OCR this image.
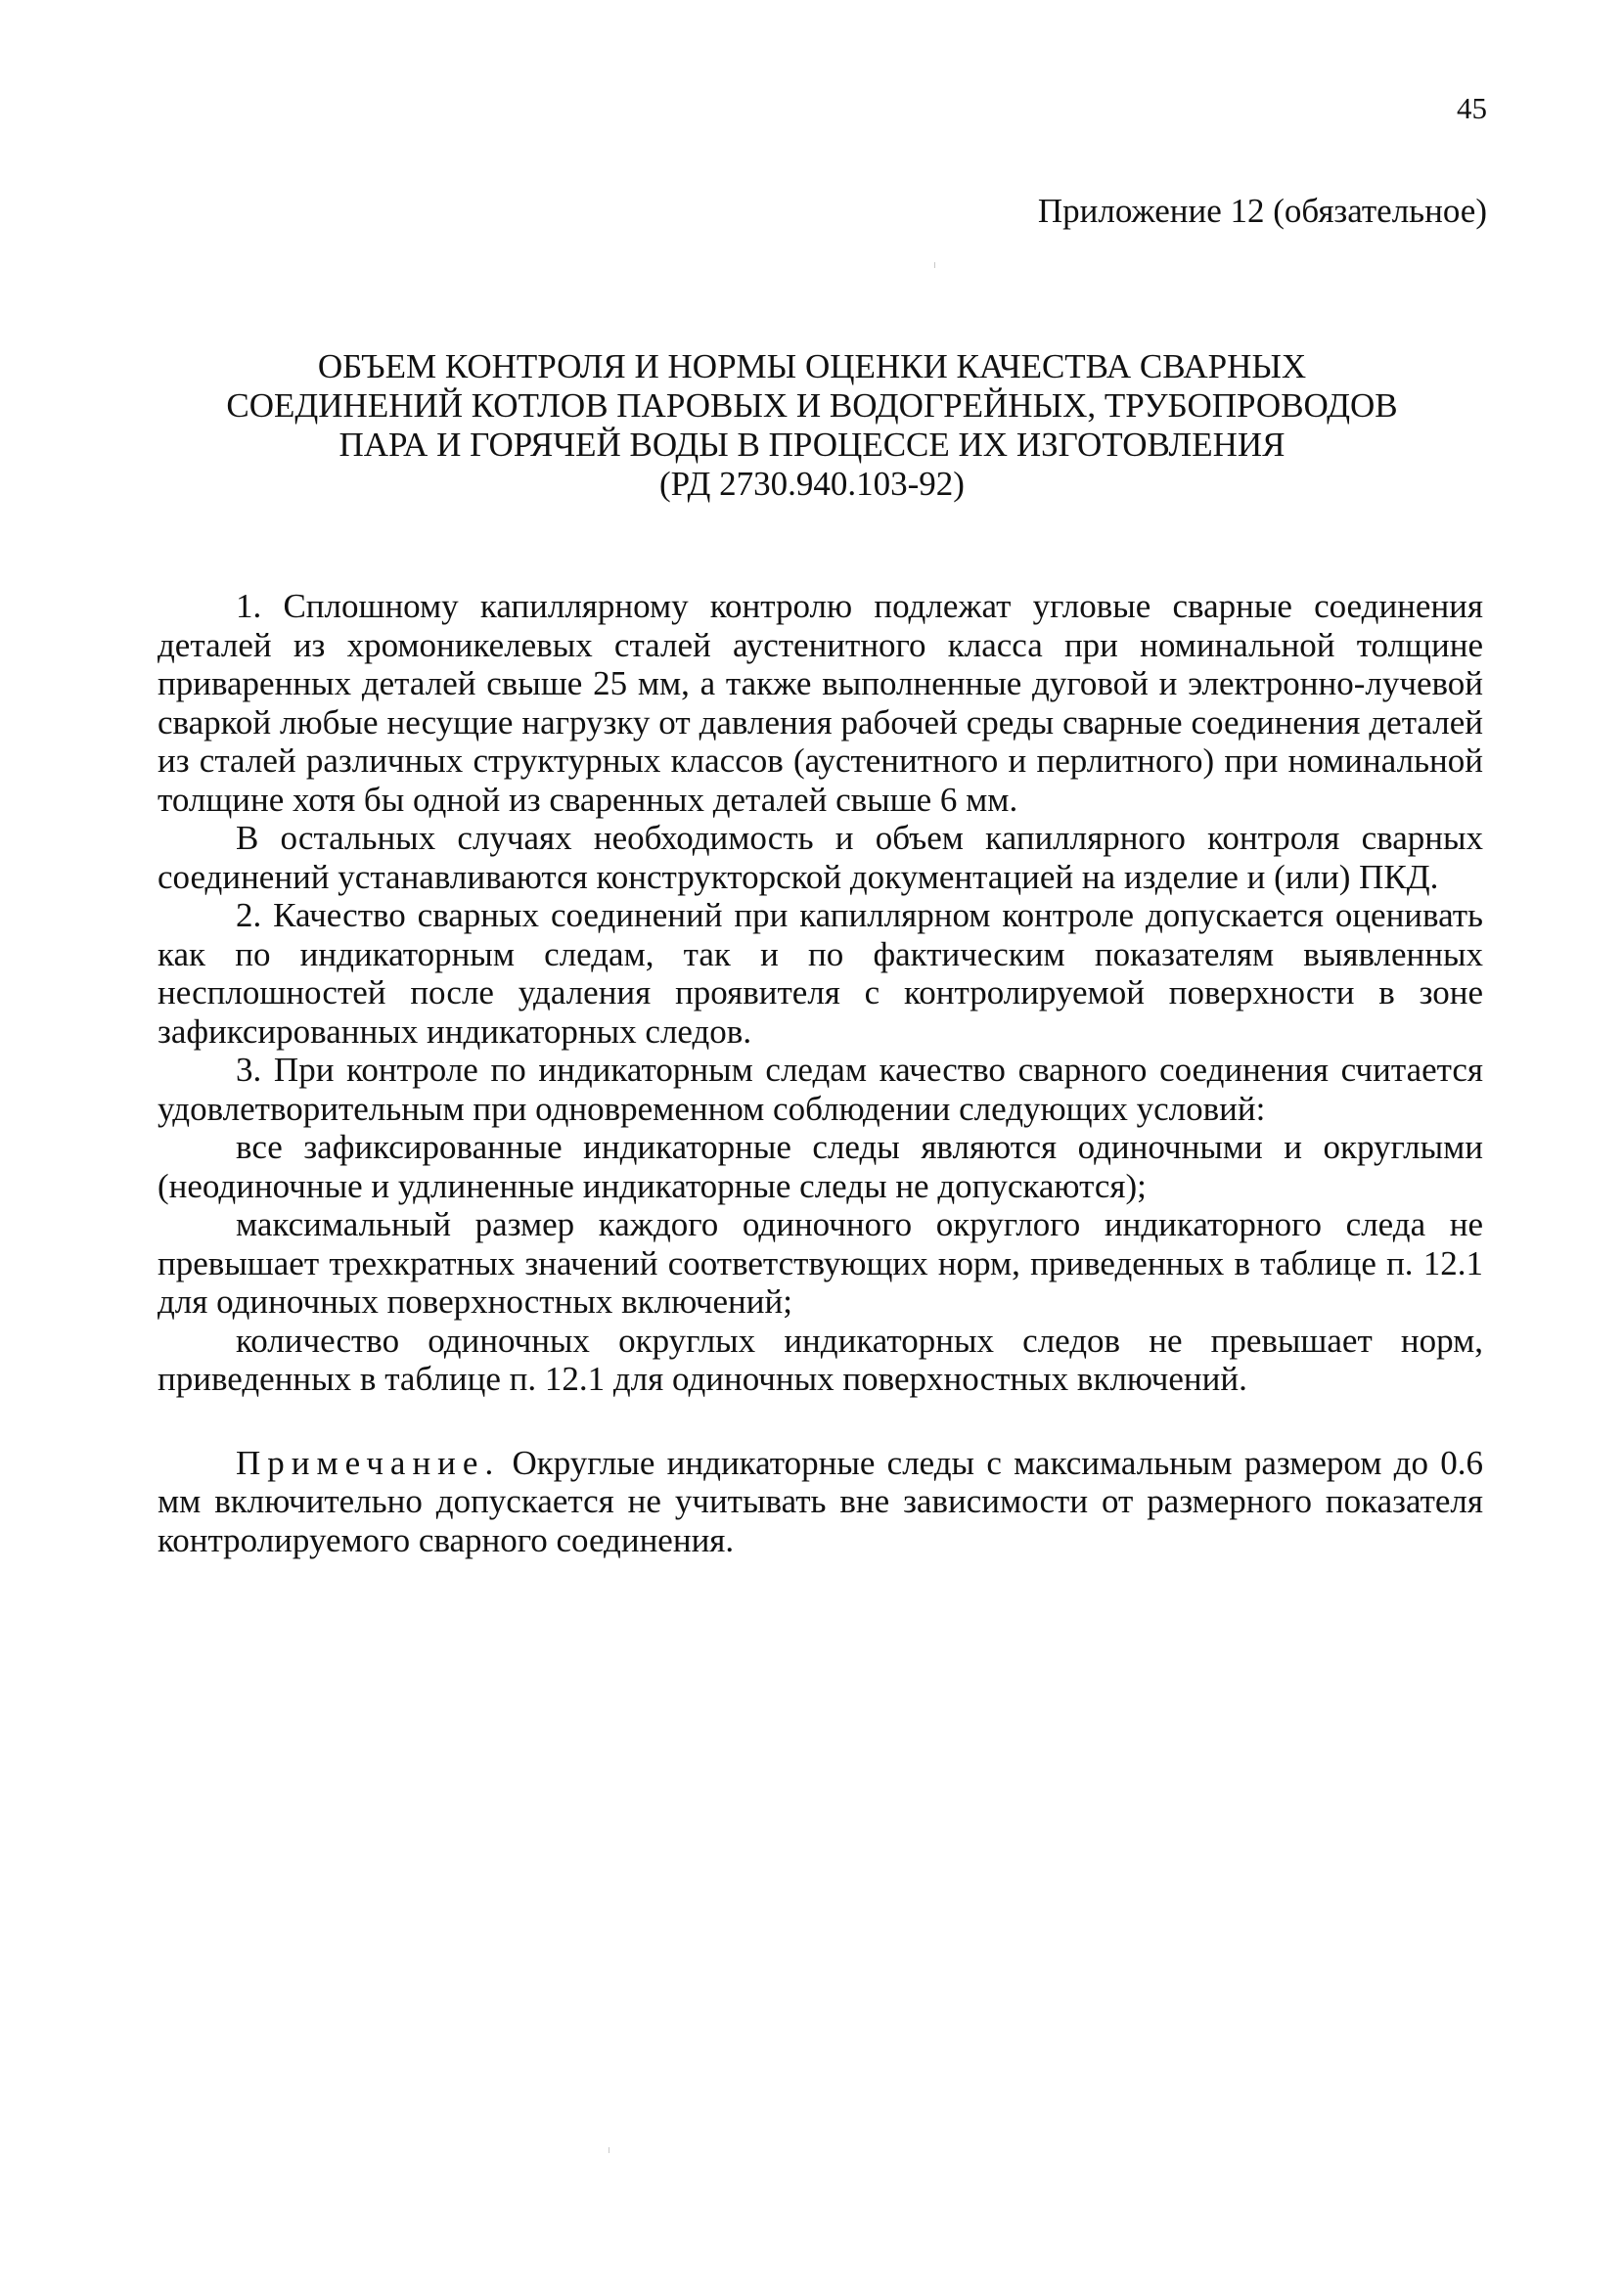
45
Приложение 12 (обязательное)
ОБЪЕМ КОНТРОЛЯ И НОРМЫ ОЦЕНКИ КАЧЕСТВА СВАРНЫХ
СОЕДИНЕНИЙ КОТЛОВ ПАРОВЫХ И ВОДОГРЕЙНЫХ, ТРУБОПРОВОДОВ
ПАРА И ГОРЯЧЕЙ ВОДЫ В ПРОЦЕССЕ ИХ ИЗГОТОВЛЕНИЯ
(РД 2730.940.103-92)

1. Сплошному капиллярному контролю подлежат угловые сварные соединения деталей из хромоникелевых сталей аустенитного класса при номинальной толщине приваренных деталей свыше 25 мм, а также выполненные дуговой и электронно-лучевой сваркой любые несущие нагрузку от давления рабочей среды сварные соединения деталей из сталей различных структурных классов (аустенитного и перлитного) при номинальной толщине хотя бы одной из сваренных деталей свыше 6 мм.

В остальных случаях необходимость и объем капиллярного контроля сварных соединений устанавливаются конструкторской документацией на изделие и (или) ПКД.

2. Качество сварных соединений при капиллярном контроле допускается оценивать как по индикаторным следам, так и по фактическим показателям выявленных несплошностей после удаления проявителя с контролируемой поверхности в зоне зафиксированных индикаторных следов.

3. При контроле по индикаторным следам качество сварного соединения считается удовлетворительным при одновременном соблюдении следующих условий:

все зафиксированные индикаторные следы являются одиночными и округлыми (неодиночные и удлиненные индикаторные следы не допускаются);

максимальный размер каждого одиночного округлого индикаторного следа не превышает трехкратных значений соответствующих норм, приведенных в таблице п. 12.1 для одиночных поверхностных включений;

количество одиночных округлых индикаторных следов не превышает норм, приведенных в таблице п. 12.1 для одиночных поверхностных включений.

Примечание. Округлые индикаторные следы с максимальным размером до 0.6 мм включительно допускается не учитывать вне зависимости от размерного показателя контролируемого сварного соединения.
